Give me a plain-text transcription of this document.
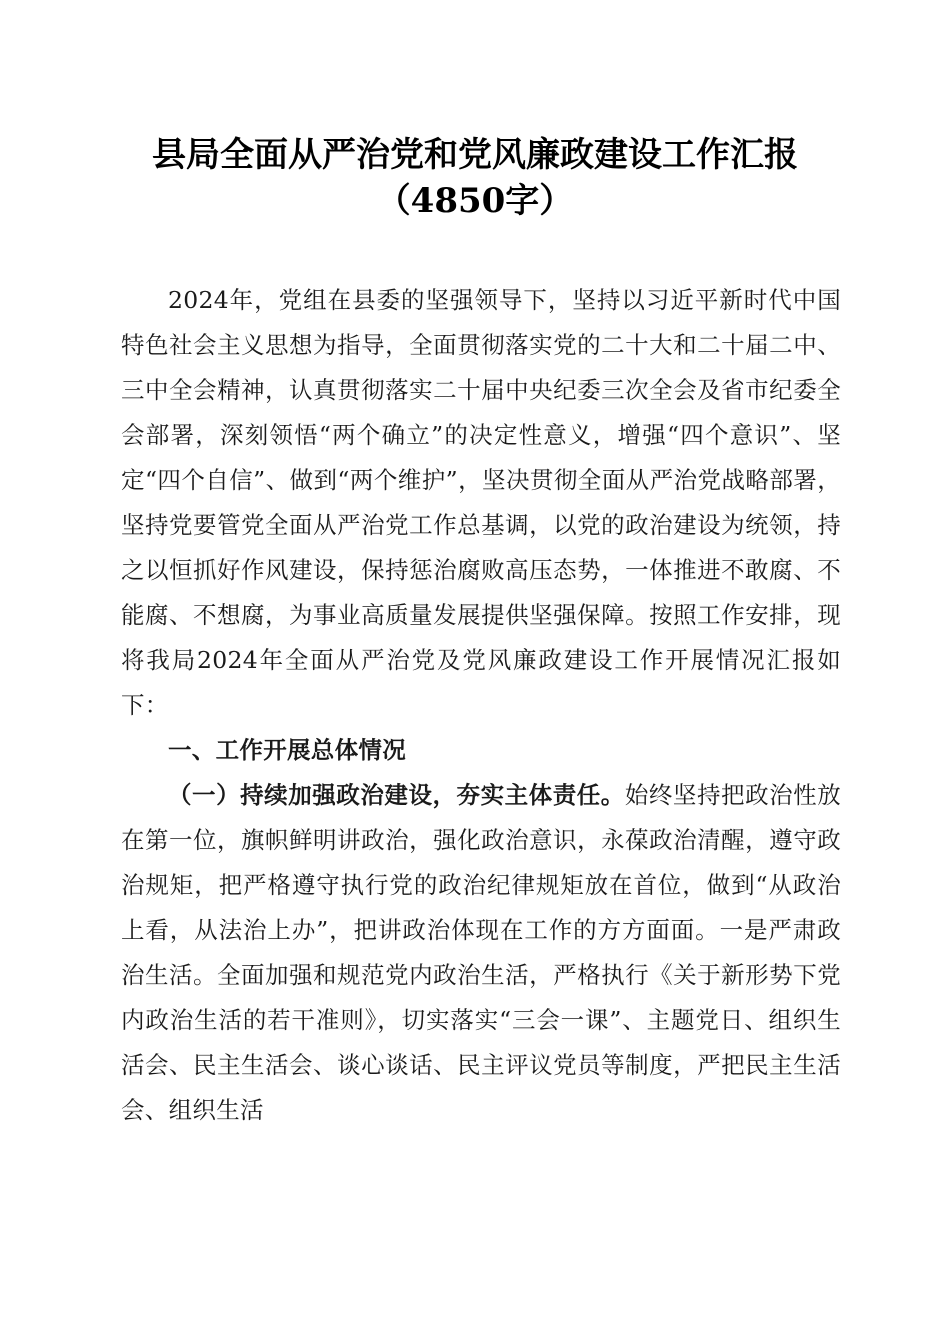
县局全面从严治党和党风廉政建设工作汇报
（4850字）

2024年，党组在县委的坚强领导下，坚持以习近平新时代中国特色社会主义思想为指导，全面贯彻落实党的二十大和二十届二中、三中全会精神，认真贯彻落实二十届中央纪委三次全会及省市纪委全会部署，深刻领悟“两个确立”的决定性意义，增强“四个意识”、坚定“四个自信”、做到“两个维护”，坚决贯彻全面从严治党战略部署，坚持党要管党全面从严治党工作总基调，以党的政治建设为统领，持之以恒抓好作风建设，保持惩治腐败高压态势，一体推进不敢腐、不能腐、不想腐，为事业高质量发展提供坚强保障。按照工作安排，现将我局2024年全面从严治党及党风廉政建设工作开展情况汇报如下：

一、工作开展总体情况

（一）持续加强政治建设，夯实主体责任。始终坚持把政治性放在第一位，旗帜鲜明讲政治，强化政治意识，永葆政治清醒，遵守政治规矩，把严格遵守执行党的政治纪律规矩放在首位，做到“从政治上看，从法治上办”，把讲政治体现在工作的方方面面。一是严肃政治生活。全面加强和规范党内政治生活，严格执行《关于新形势下党内政治生活的若干准则》，切实落实“三会一课”、主题党日、组织生活会、民主生活会、谈心谈话、民主评议党员等制度，严把民主生活会、组织生活
